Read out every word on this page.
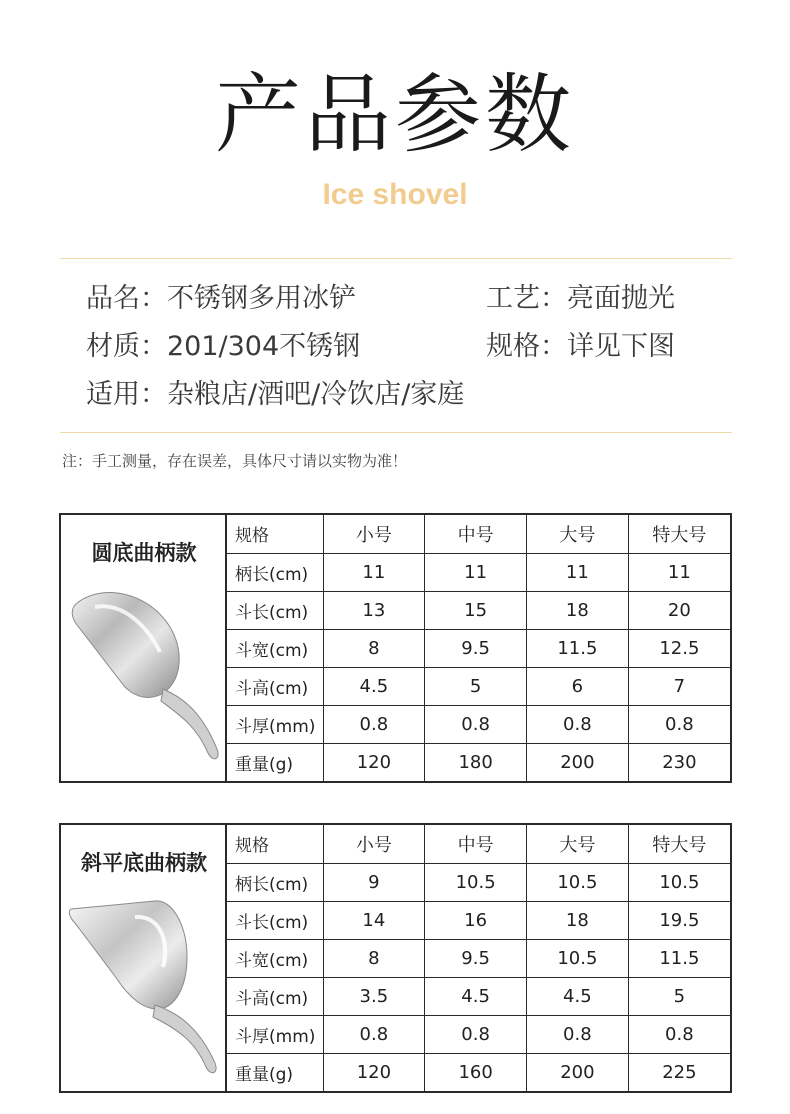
产品参数
Ice shovel
品名：不锈钢多用冰铲	工艺：亮面抛光
材质：201/304不锈钢	规格：详见下图
适用：杂粮店/酒吧/冷饮店/家庭
注：手工测量，存在误差，具体尺寸请以实物为准！
圆底曲柄款
规格	小号	中号	大号	特大号
柄长(cm)	11	11	11	11
斗长(cm)	13	15	18	20
斗宽(cm)	8	9.5	11.5	12.5
斗高(cm)	4.5	5	6	7
斗厚(mm)	0.8	0.8	0.8	0.8
重量(g)	120	180	200	230
斜平底曲柄款
规格	小号	中号	大号	特大号
柄长(cm)	9	10.5	10.5	10.5
斗长(cm)	14	16	18	19.5
斗宽(cm)	8	9.5	10.5	11.5
斗高(cm)	3.5	4.5	4.5	5
斗厚(mm)	0.8	0.8	0.8	0.8
重量(g)	120	160	200	225
